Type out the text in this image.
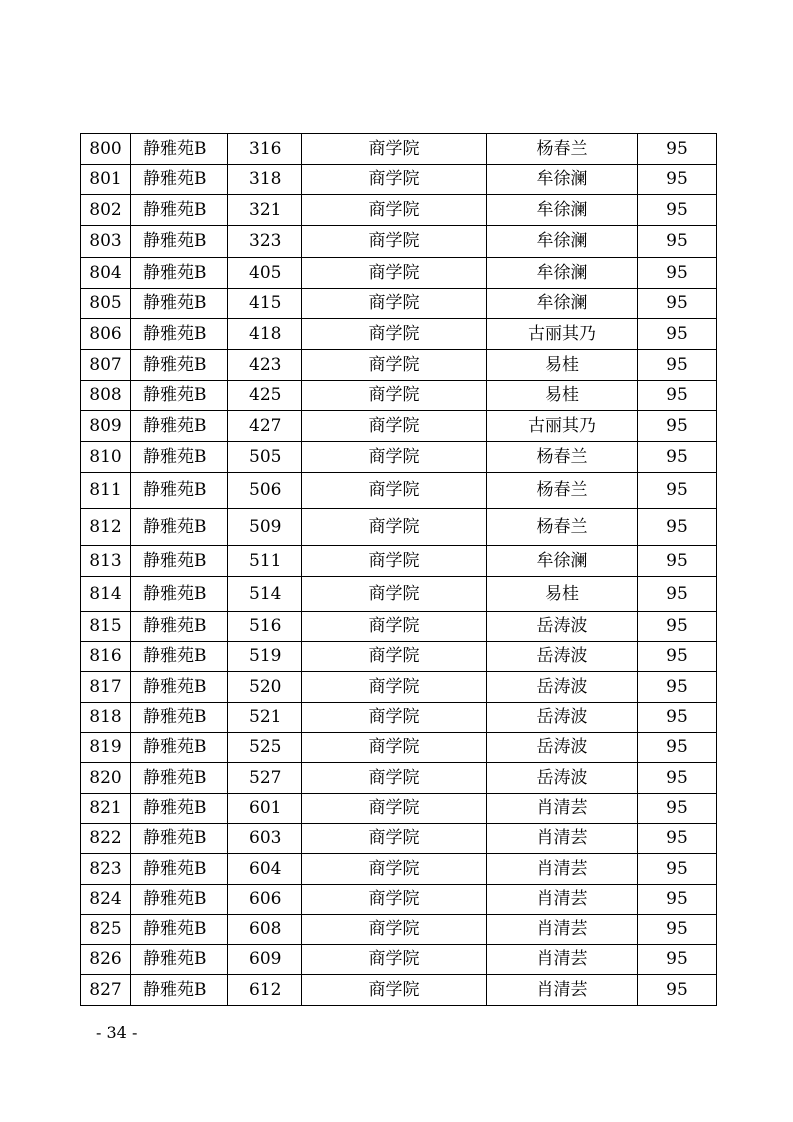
800	静雅苑B	316	商学院	杨春兰	95
801	静雅苑B	318	商学院	牟徐澜	95
802	静雅苑B	321	商学院	牟徐澜	95
803	静雅苑B	323	商学院	牟徐澜	95
804	静雅苑B	405	商学院	牟徐澜	95
805	静雅苑B	415	商学院	牟徐澜	95
806	静雅苑B	418	商学院	古丽其乃	95
807	静雅苑B	423	商学院	易桂	95
808	静雅苑B	425	商学院	易桂	95
809	静雅苑B	427	商学院	古丽其乃	95
810	静雅苑B	505	商学院	杨春兰	95
811	静雅苑B	506	商学院	杨春兰	95
812	静雅苑B	509	商学院	杨春兰	95
813	静雅苑B	511	商学院	牟徐澜	95
814	静雅苑B	514	商学院	易桂	95
815	静雅苑B	516	商学院	岳涛波	95
816	静雅苑B	519	商学院	岳涛波	95
817	静雅苑B	520	商学院	岳涛波	95
818	静雅苑B	521	商学院	岳涛波	95
819	静雅苑B	525	商学院	岳涛波	95
820	静雅苑B	527	商学院	岳涛波	95
821	静雅苑B	601	商学院	肖清芸	95
822	静雅苑B	603	商学院	肖清芸	95
823	静雅苑B	604	商学院	肖清芸	95
824	静雅苑B	606	商学院	肖清芸	95
825	静雅苑B	608	商学院	肖清芸	95
826	静雅苑B	609	商学院	肖清芸	95
827	静雅苑B	612	商学院	肖清芸	95
- 34 -
